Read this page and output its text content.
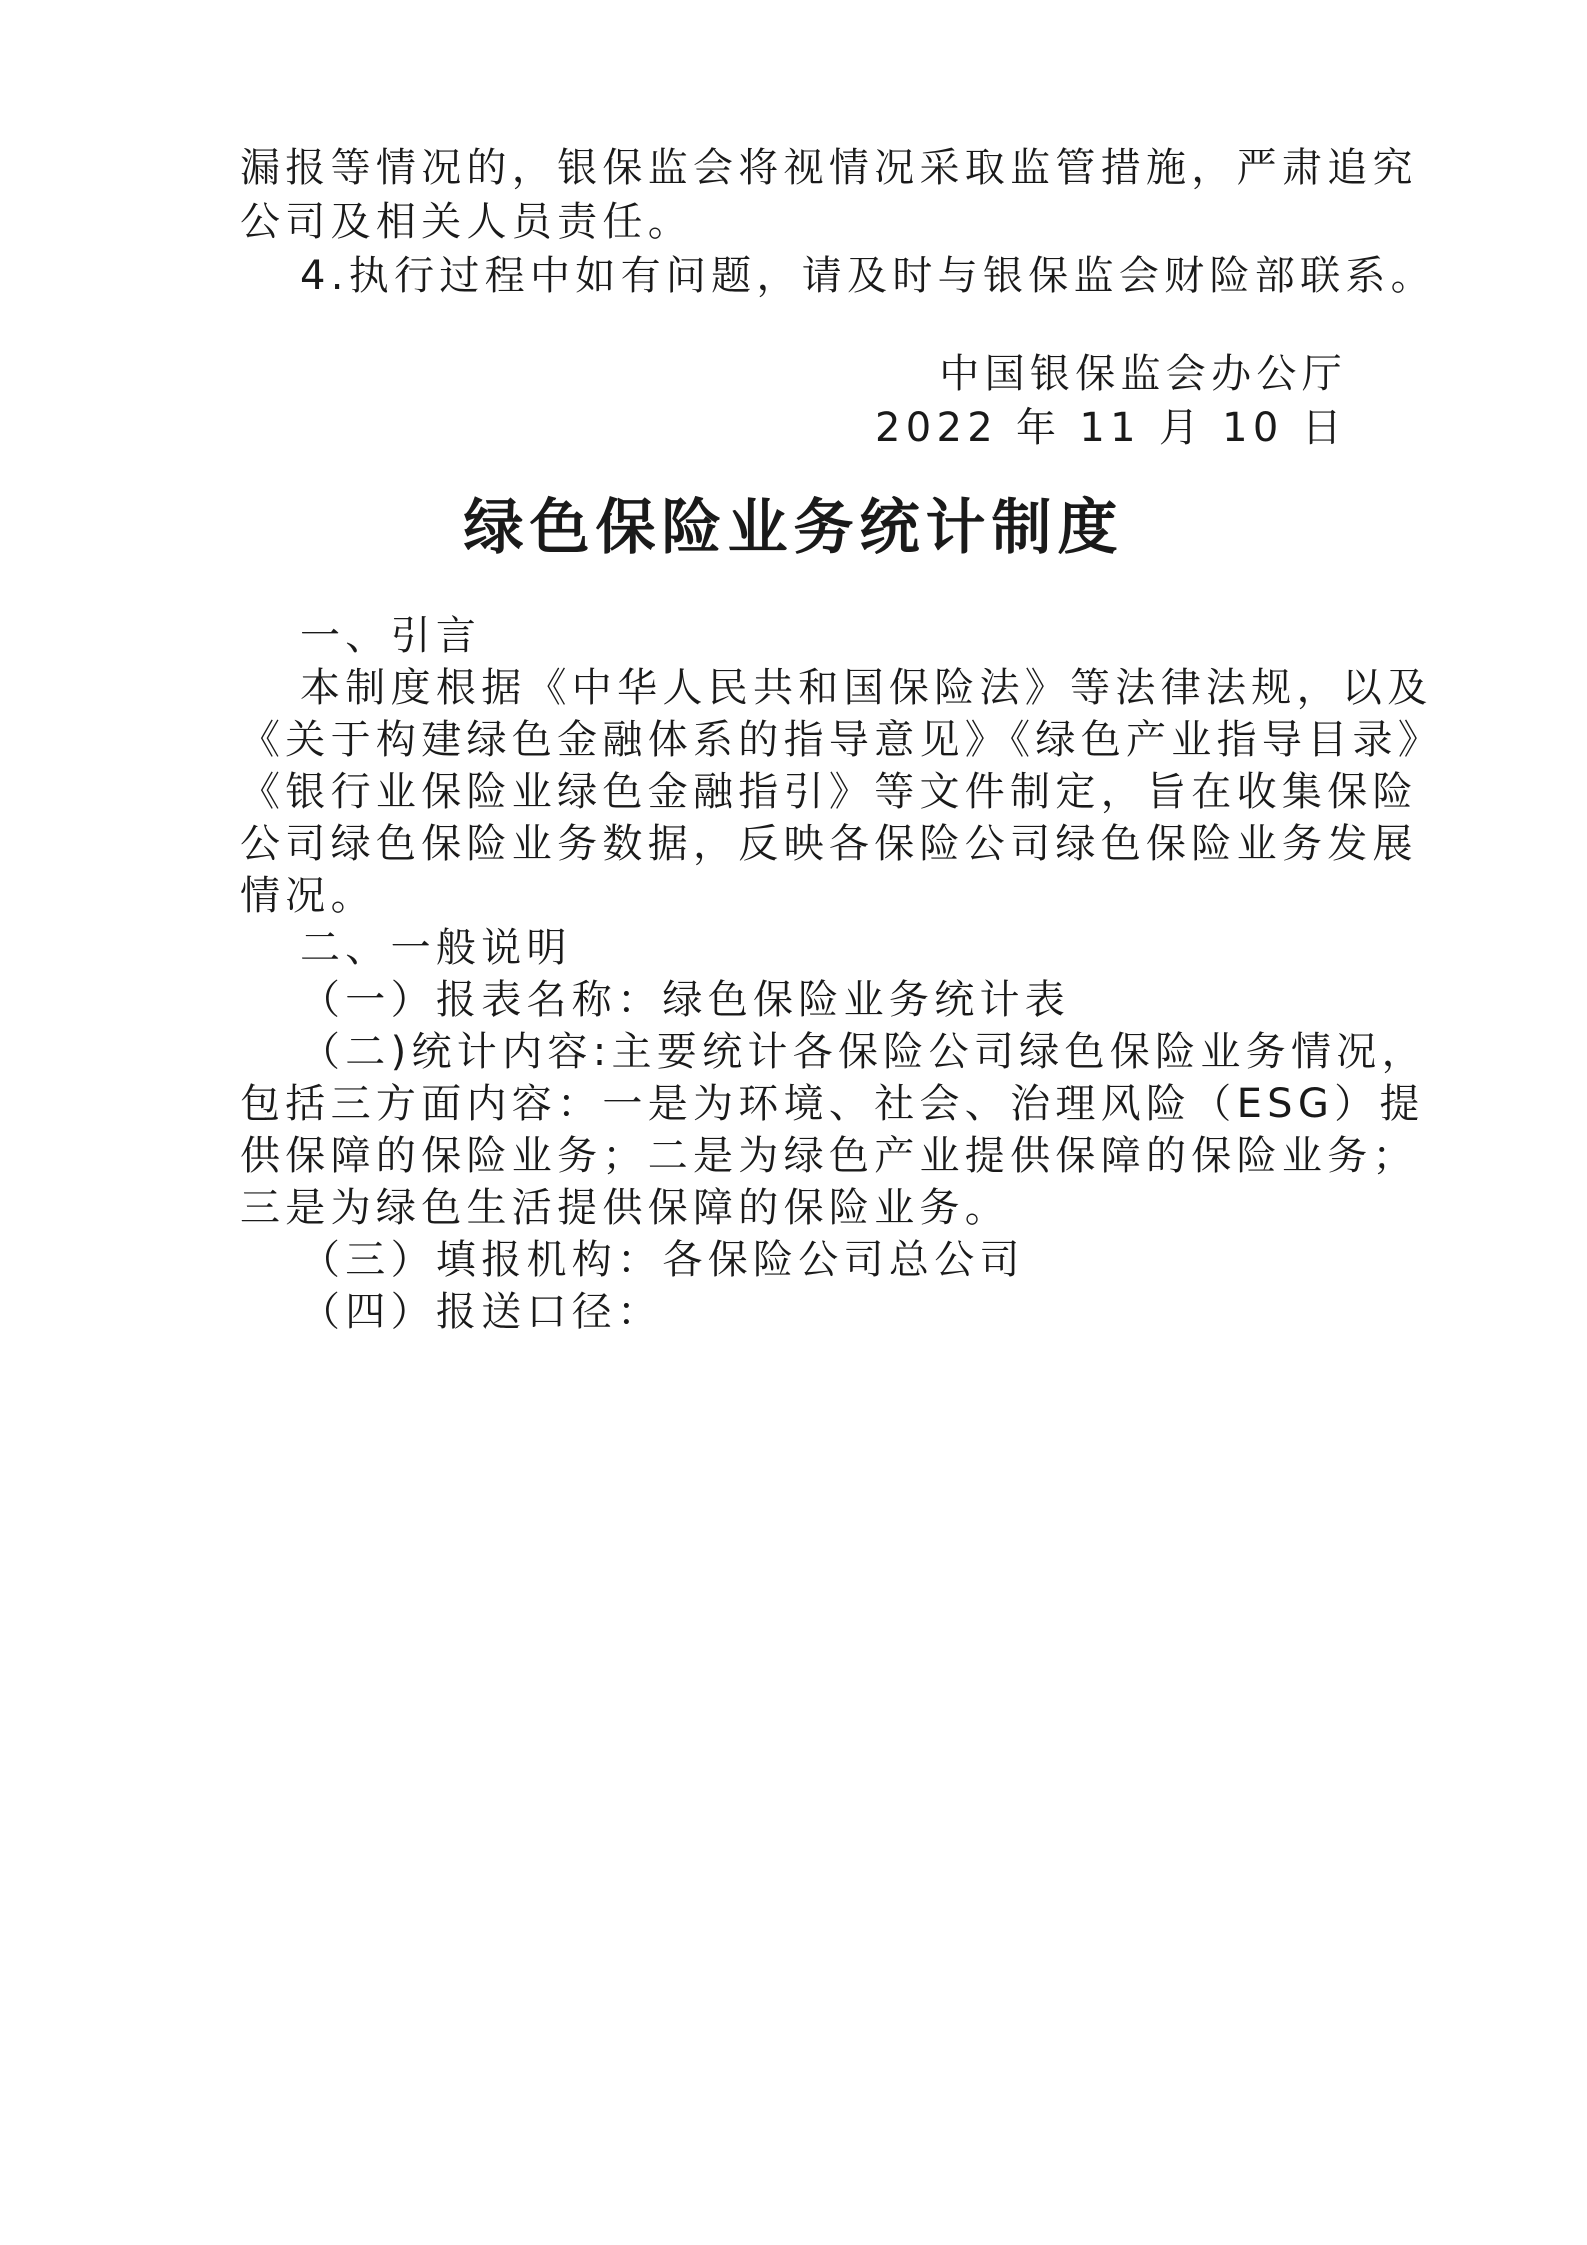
漏报等情况的，银保监会将视情况采取监管措施，严肃追究
公司及相关人员责任。
4.执行过程中如有问题，请及时与银保监会财险部联系。
中国银保监会办公厅
2022 年 11 月 10 日
绿色保险业务统计制度
一、引言
本制度根据《中华人民共和国保险法》等法律法规，以及
《关于构建绿色金融体系的指导意见》《绿色产业指导目录》
《银行业保险业绿色金融指引》等文件制定，旨在收集保险
公司绿色保险业务数据，反映各保险公司绿色保险业务发展
情况。
二、一般说明
（一）报表名称：绿色保险业务统计表
（二)统计内容:主要统计各保险公司绿色保险业务情况，
包括三方面内容：一是为环境、社会、治理风险（ESG）提
供保障的保险业务；二是为绿色产业提供保障的保险业务；
三是为绿色生活提供保障的保险业务。
（三）填报机构：各保险公司总公司
（四）报送口径：
